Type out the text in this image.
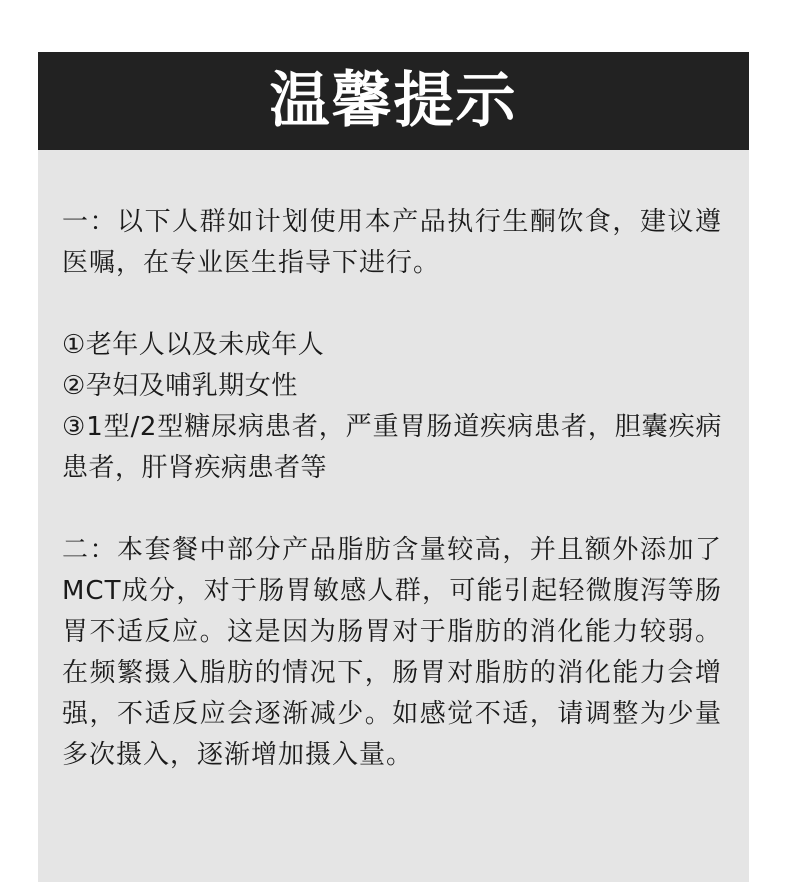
温馨提示

一：以下人群如计划使用本产品执行生酮饮食，建议遵医嘱，在专业医生指导下进行。

①老年人以及未成年人

②孕妇及哺乳期女性

③1型/2型糖尿病患者，严重胃肠道疾病患者，胆囊疾病患者，肝肾疾病患者等

二：本套餐中部分产品脂肪含量较高，并且额外添加了MCT成分，对于肠胃敏感人群，可能引起轻微腹泻等肠胃不适反应。这是因为肠胃对于脂肪的消化能力较弱。在频繁摄入脂肪的情况下，肠胃对脂肪的消化能力会增强，不适反应会逐渐减少。如感觉不适，请调整为少量多次摄入，逐渐增加摄入量。
